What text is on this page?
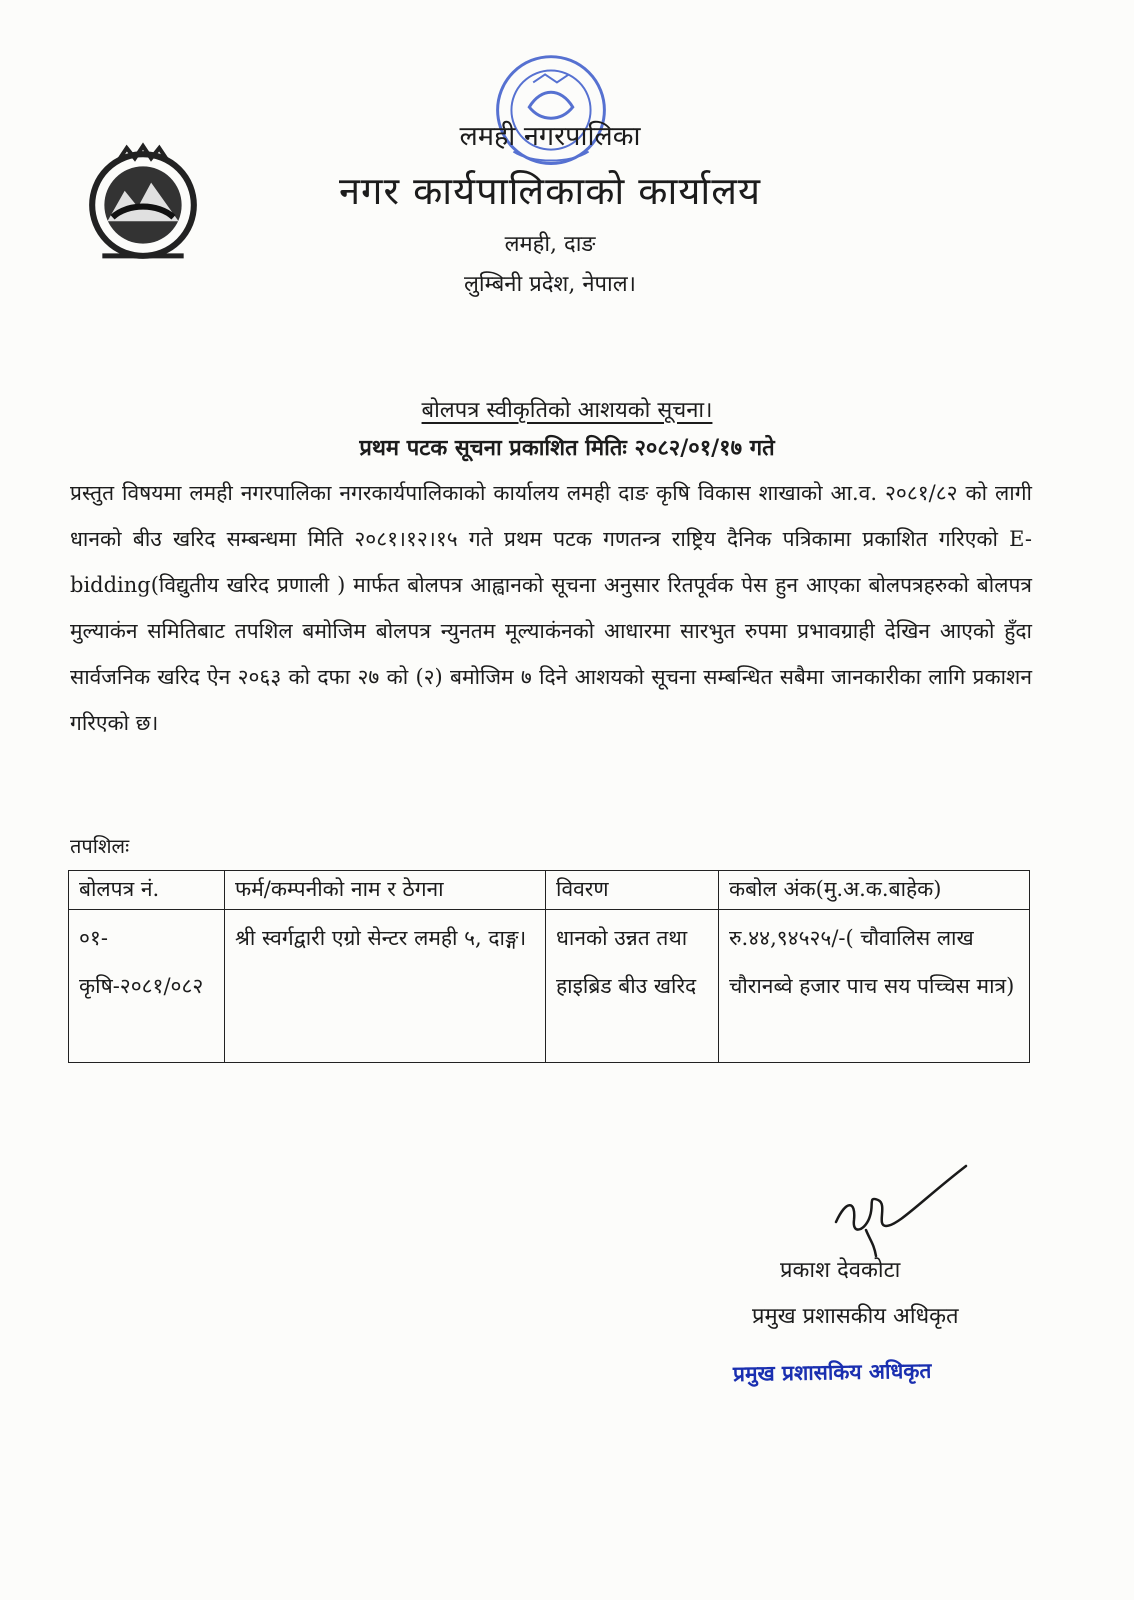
लमही नगरपालिका
नगर कार्यपालिकाको कार्यालय
लमही, दाङ
लुम्बिनी प्रदेश, नेपाल।
बोलपत्र स्वीकृतिको आशयको सूचना।
प्रथम पटक सूचना प्रकाशित मितिः २०८२/०१/१७ गते
प्रस्तुत विषयमा लमही नगरपालिका नगरकार्यपालिकाको कार्यालय लमही दाङ कृषि विकास शाखाको आ.व. २०८१/८२ को लागी धानको बीउ खरिद सम्बन्धमा मिति २०८१।१२।१५ गते प्रथम पटक गणतन्त्र राष्ट्रिय दैनिक पत्रिकामा प्रकाशित गरिएको E-bidding(विद्युतीय खरिद प्रणाली ) मार्फत बोलपत्र आह्वानको सूचना अनुसार रितपूर्वक पेस हुन आएका बोलपत्रहरुको बोलपत्र मुल्याकंन समितिबाट तपशिल बमोजिम बोलपत्र न्युनतम मूल्याकंनको आधारमा सारभुत रुपमा प्रभावग्राही देखिन आएको हुँदा सार्वजनिक खरिद ऐन २०६३ को दफा २७ को (२) बमोजिम ७ दिने आशयको सूचना सम्बन्धित सबैमा जानकारीका लागि प्रकाशन गरिएको छ।
तपशिलः
बोलपत्र नं.	फर्म/कम्पनीको नाम र ठेगना	विवरण	कबोल अंक(मु.अ.क.बाहेक)
०१-कृषि-२०८१/०८२	श्री स्वर्गद्वारी एग्रो सेन्टर लमही ५, दाङ्ग।	धानको उन्नत तथा हाइब्रिड बीउ खरिद	रु.४४,९४५२५/-( चौवालिस लाख चौरानब्वे हजार पाच सय पच्चिस मात्र)
प्रकाश देवकोटा
प्रमुख प्रशासकीय अधिकृत
प्रमुख प्रशासकिय अधिकृत
